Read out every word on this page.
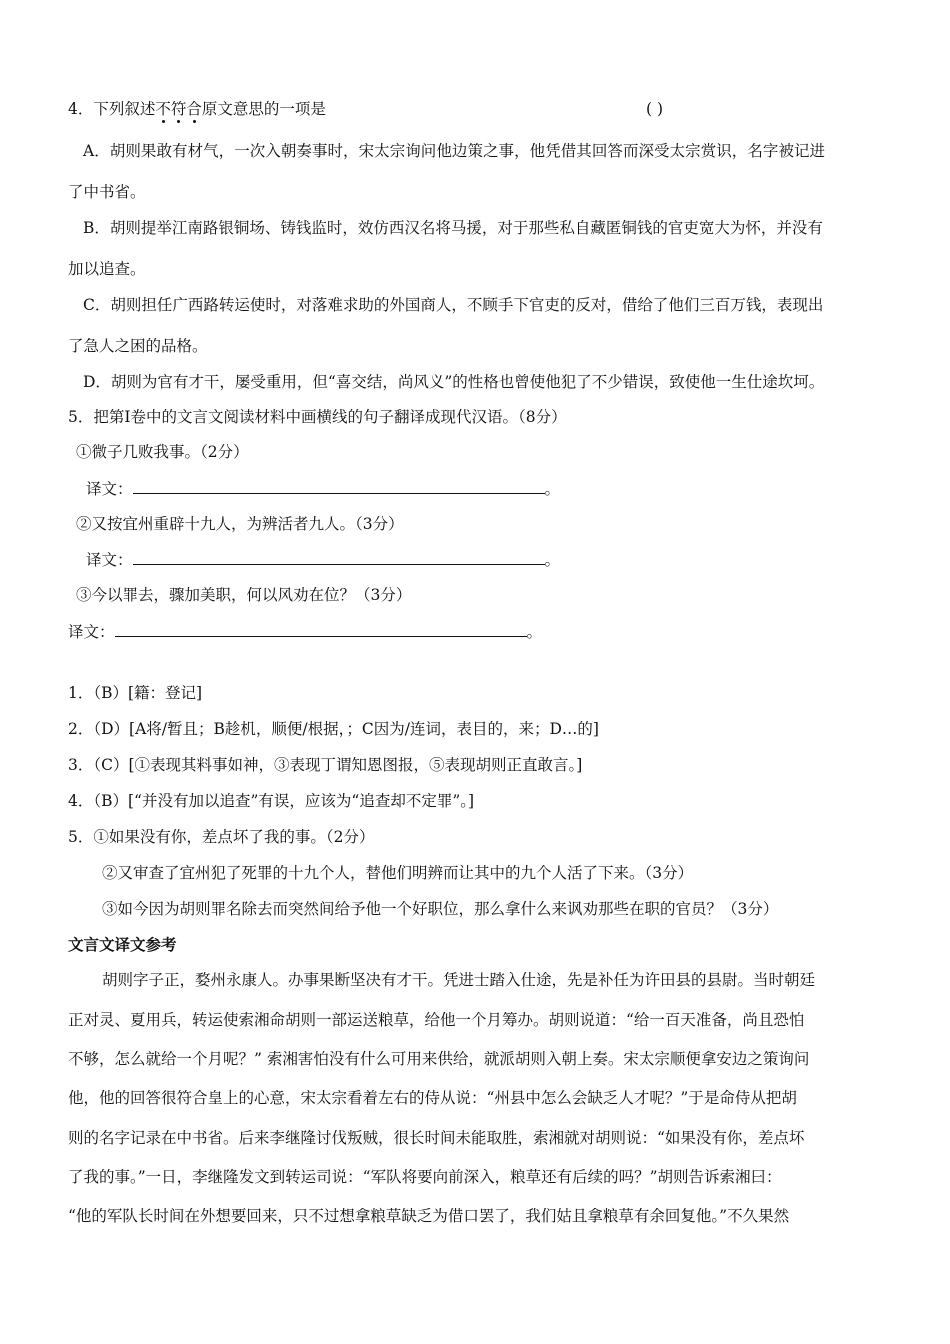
4．下列叙述不符合原文意思的一项是	( )
A．胡则果敢有材气，一次入朝奏事时，宋太宗询问他边策之事，他凭借其回答而深受太宗赏识，名字被记进
了中书省。
B．胡则提举江南路银铜场、铸钱监时，效仿西汉名将马援，对于那些私自藏匿铜钱的官吏宽大为怀，并没有
加以追查。
C．胡则担任广西路转运使时，对落难求助的外国商人，不顾手下官吏的反对，借给了他们三百万钱，表现出
了急人之困的品格。
D．胡则为官有才干，屡受重用，但“喜交结，尚风义”的性格也曾使他犯了不少错误，致使他一生仕途坎坷。
5．把第Ⅰ卷中的文言文阅读材料中画横线的句子翻译成现代汉语。（8分）
①微子几败我事。（2分）
译文：	。
②又按宜州重辟十九人，为辨活者九人。（3分）
译文：	。
③今以罪去，骤加美职，何以风劝在位？（3分）
译文：	。
1．（B）[籍：登记]
2．（D）[A将/暂且；B趁机，顺便/根据，；C因为/连词，表目的，来；D…的]
3．（C）[①表现其料事如神，③表现丁谓知恩图报，⑤表现胡则正直敢言。]
4．（B）[“并没有加以追查”有误，应该为“追查却不定罪”。]
5．①如果没有你，差点坏了我的事。（2分）
②又审查了宜州犯了死罪的十九个人，替他们明辨而让其中的九个人活了下来。（3分）
③如今因为胡则罪名除去而突然间给予他一个好职位，那么拿什么来讽劝那些在职的官员？（3分）
文言文译文参考
胡则字子正，婺州永康人。办事果断坚决有才干。凭进士踏入仕途，先是补任为许田县的县尉。当时朝廷
正对灵、夏用兵，转运使索湘命胡则一部运送粮草，给他一个月筹办。胡则说道：“给一百天准备，尚且恐怕
不够，怎么就给一个月呢？” 索湘害怕没有什么可用来供给，就派胡则入朝上奏。宋太宗顺便拿安边之策询问
他，他的回答很符合皇上的心意，宋太宗看着左右的侍从说：“州县中怎么会缺乏人才呢？”于是命侍从把胡
则的名字记录在中书省。后来李继隆讨伐叛贼，很长时间未能取胜，索湘就对胡则说：“如果没有你，差点坏
了我的事。”一日，李继隆发文到转运司说：“军队将要向前深入，粮草还有后续的吗？”胡则告诉索湘曰：
“他的军队长时间在外想要回来，只不过想拿粮草缺乏为借口罢了，我们姑且拿粮草有余回复他。”不久果然
